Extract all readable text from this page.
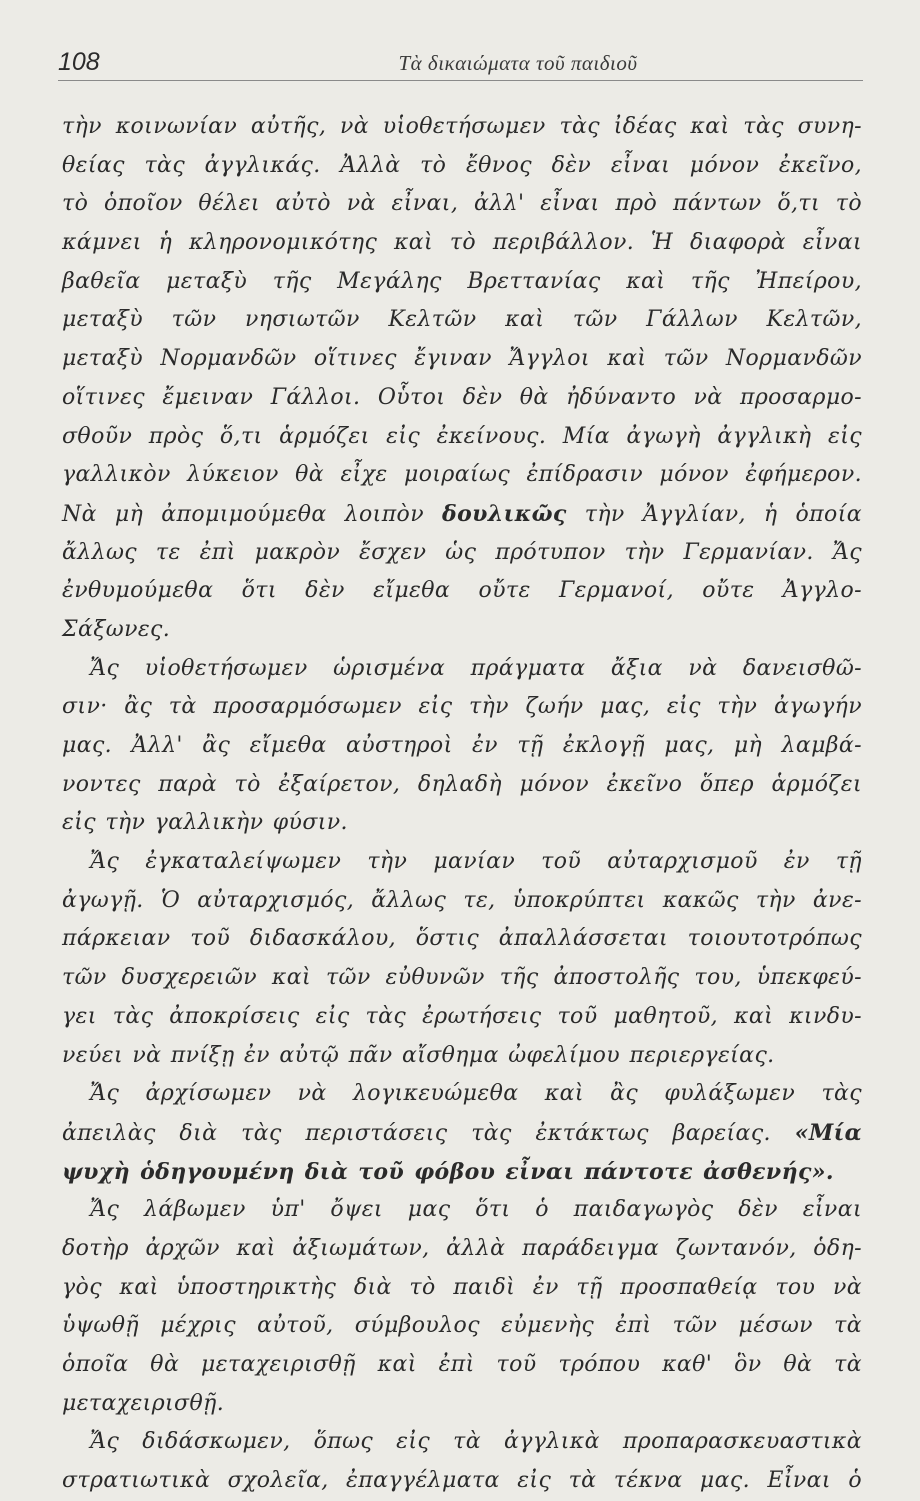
108	Τὰ δικαιώματα τοῦ παιδιοῦ
τὴν κοινωνίαν αὐτῆς, νὰ υἱοθετήσωμεν τὰς ἰδέας καὶ τὰς συνη-
θείας τὰς ἀγγλικάς. Ἀλλὰ τὸ ἔθνος δὲν εἶναι μόνον ἐκεῖνο,
τὸ ὁποῖον θέλει αὐτὸ νὰ εἶναι, ἀλλ' εἶναι πρὸ πάντων ὅ,τι τὸ
κάμνει ἡ κληρονομικότης καὶ τὸ περιβάλλον. Ἡ διαφορὰ εἶναι
βαθεῖα μεταξὺ τῆς Μεγάλης Βρεττανίας καὶ τῆς Ἠπείρου,
μεταξὺ τῶν νησιωτῶν Κελτῶν καὶ τῶν Γάλλων Κελτῶν,
μεταξὺ Νορμανδῶν οἵτινες ἔγιναν Ἄγγλοι καὶ τῶν Νορμανδῶν
οἵτινες ἔμειναν Γάλλοι. Οὗτοι δὲν θὰ ἠδύναντο νὰ προσαρμο-
σθοῦν πρὸς ὅ,τι ἁρμόζει εἰς ἐκείνους. Μία ἀγωγὴ ἀγγλικὴ εἰς
γαλλικὸν λύκειον θὰ εἶχε μοιραίως ἐπίδρασιν μόνον ἐφήμερον.
Νὰ μὴ ἀπομιμούμεθα λοιπὸν δουλικῶς τὴν Ἀγγλίαν, ἡ ὁποία
ἄλλως τε ἐπὶ μακρὸν ἔσχεν ὡς πρότυπον τὴν Γερμανίαν. Ἄς
ἐνθυμούμεθα ὅτι δὲν εἴμεθα οὔτε Γερμανοί, οὔτε Ἀγγλο-
Σάξωνες.
Ἄς υἱοθετήσωμεν ὡρισμένα πράγματα ἄξια νὰ δανεισθῶ-
σιν· ἂς τὰ προσαρμόσωμεν εἰς τὴν ζωήν μας, εἰς τὴν ἀγωγήν
μας. Ἀλλ' ἂς εἴμεθα αὐστηροὶ ἐν τῇ ἐκλογῇ μας, μὴ λαμβά-
νοντες παρὰ τὸ ἐξαίρετον, δηλαδὴ μόνον ἐκεῖνο ὅπερ ἁρμόζει
εἰς τὴν γαλλικὴν φύσιν.
Ἄς ἐγκαταλείψωμεν τὴν μανίαν τοῦ αὐταρχισμοῦ ἐν τῇ
ἀγωγῇ. Ὁ αὐταρχισμός, ἄλλως τε, ὑποκρύπτει κακῶς τὴν ἀνε-
πάρκειαν τοῦ διδασκάλου, ὅστις ἀπαλλάσσεται τοιουτοτρόπως
τῶν δυσχερειῶν καὶ τῶν εὐθυνῶν τῆς ἀποστολῆς του, ὑπεκφεύ-
γει τὰς ἀποκρίσεις εἰς τὰς ἐρωτήσεις τοῦ μαθητοῦ, καὶ κινδυ-
νεύει νὰ πνίξῃ ἐν αὐτῷ πᾶν αἴσθημα ὠφελίμου περιεργείας.
Ἄς ἀρχίσωμεν νὰ λογικευώμεθα καὶ ἂς φυλάξωμεν τὰς
ἀπειλὰς διὰ τὰς περιστάσεις τὰς ἐκτάκτως βαρείας. «Μία
ψυχὴ ὁδηγουμένη διὰ τοῦ φόβου εἶναι πάντοτε ἀσθενής».
Ἄς λάβωμεν ὑπ' ὄψει μας ὅτι ὁ παιδαγωγὸς δὲν εἶναι
δοτὴρ ἀρχῶν καὶ ἀξιωμάτων, ἀλλὰ παράδειγμα ζωντανόν, ὁδη-
γὸς καὶ ὑποστηρικτὴς διὰ τὸ παιδὶ ἐν τῇ προσπαθείᾳ του νὰ
ὑψωθῇ μέχρις αὐτοῦ, σύμβουλος εὐμενὴς ἐπὶ τῶν μέσων τὰ
ὁποῖα θὰ μεταχειρισθῇ καὶ ἐπὶ τοῦ τρόπου καθ' ὃν θὰ τὰ
μεταχειρισθῇ.
Ἄς διδάσκωμεν, ὅπως εἰς τὰ ἀγγλικὰ προπαρασκευαστικὰ
στρατιωτικὰ σχολεῖα, ἐπαγγέλματα εἰς τὰ τέκνα μας. Εἶναι ὁ
